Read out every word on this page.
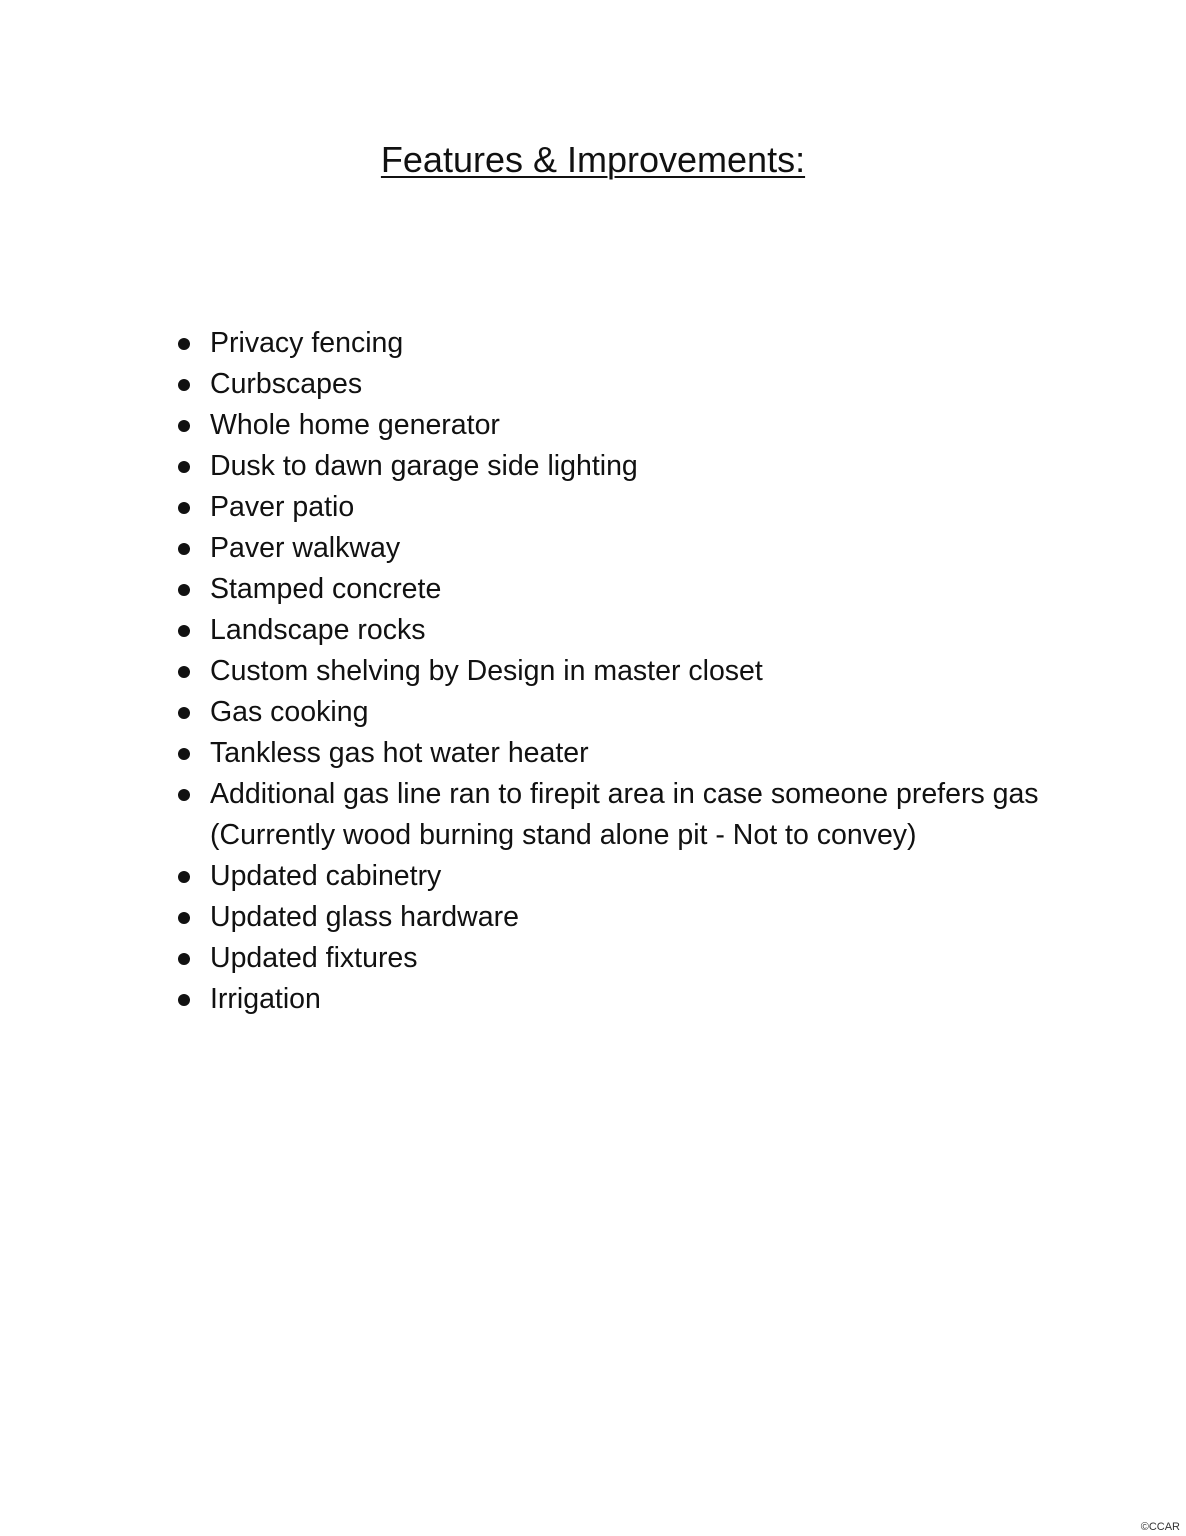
Features & Improvements:
Privacy fencing
Curbscapes
Whole home generator
Dusk to dawn garage side lighting
Paver patio
Paver walkway
Stamped concrete
Landscape rocks
Custom shelving by Design in master closet
Gas cooking
Tankless gas hot water heater
Additional gas line ran to firepit area in case someone prefers gas (Currently wood burning stand alone pit - Not to convey)
Updated cabinetry
Updated glass hardware
Updated fixtures
Irrigation
©CCAR
